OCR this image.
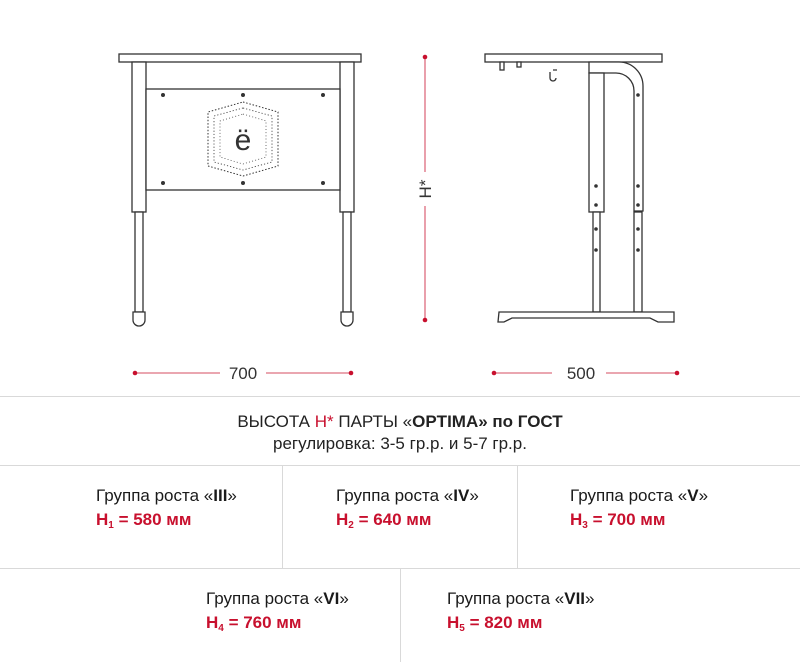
ё
700
H*
500
ВЫСОТА Н* ПАРТЫ «OPTIMA» по ГОСТ
регулировка: 3-5 гр.р. и 5-7 гр.р.
Группа роста «III»
$H_1 = 580$ мм
Группа роста «IV»
$H_2 = 640$ мм
Группа роста «V»
$H_3 = 700$ мм
Группа роста «VI»
$H_4 = 760$ мм
Группа роста «VII»
$H_5 = 820$ мм
